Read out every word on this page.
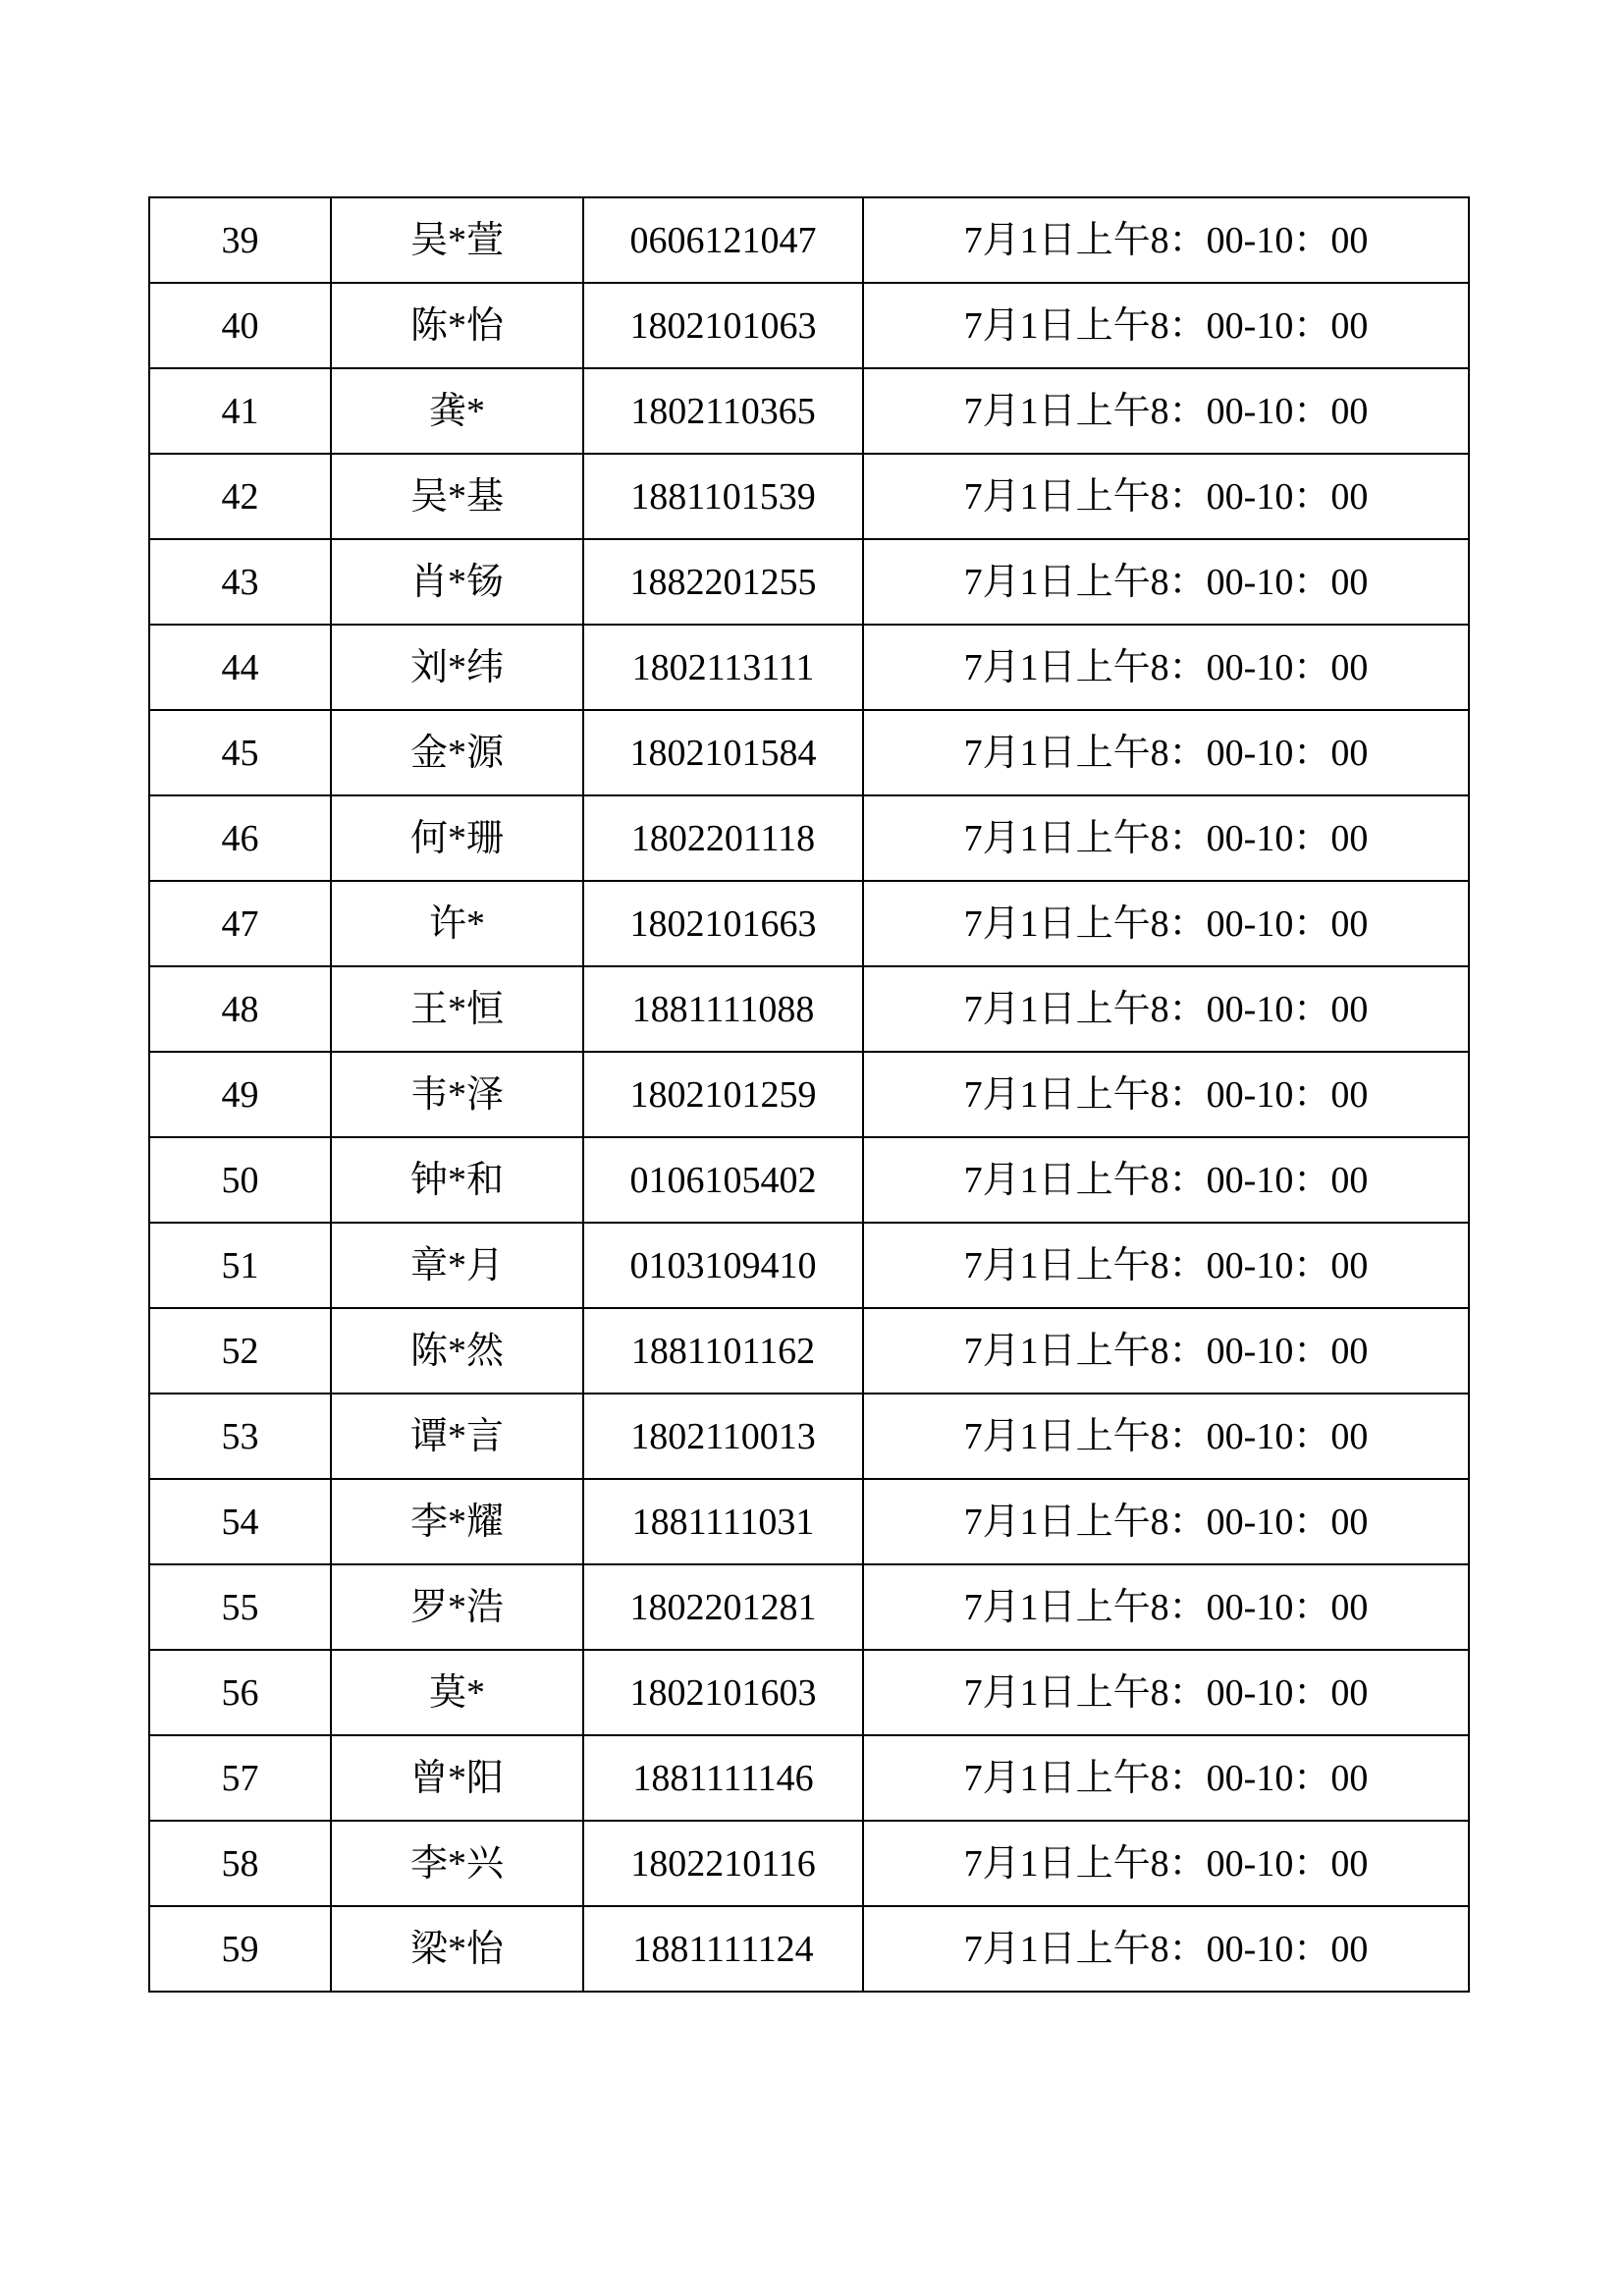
39	吴*萱	0606121047	7月1日上午8：00-10：00
40	陈*怡	1802101063	7月1日上午8：00-10：00
41	龚*	1802110365	7月1日上午8：00-10：00
42	吴*基	1881101539	7月1日上午8：00-10：00
43	肖*钖	1882201255	7月1日上午8：00-10：00
44	刘*纬	1802113111	7月1日上午8：00-10：00
45	金*源	1802101584	7月1日上午8：00-10：00
46	何*珊	1802201118	7月1日上午8：00-10：00
47	许*	1802101663	7月1日上午8：00-10：00
48	王*恒	1881111088	7月1日上午8：00-10：00
49	韦*泽	1802101259	7月1日上午8：00-10：00
50	钟*和	0106105402	7月1日上午8：00-10：00
51	章*月	0103109410	7月1日上午8：00-10：00
52	陈*然	1881101162	7月1日上午8：00-10：00
53	谭*言	1802110013	7月1日上午8：00-10：00
54	李*耀	1881111031	7月1日上午8：00-10：00
55	罗*浩	1802201281	7月1日上午8：00-10：00
56	莫*	1802101603	7月1日上午8：00-10：00
57	曾*阳	1881111146	7月1日上午8：00-10：00
58	李*兴	1802210116	7月1日上午8：00-10：00
59	梁*怡	1881111124	7月1日上午8：00-10：00
